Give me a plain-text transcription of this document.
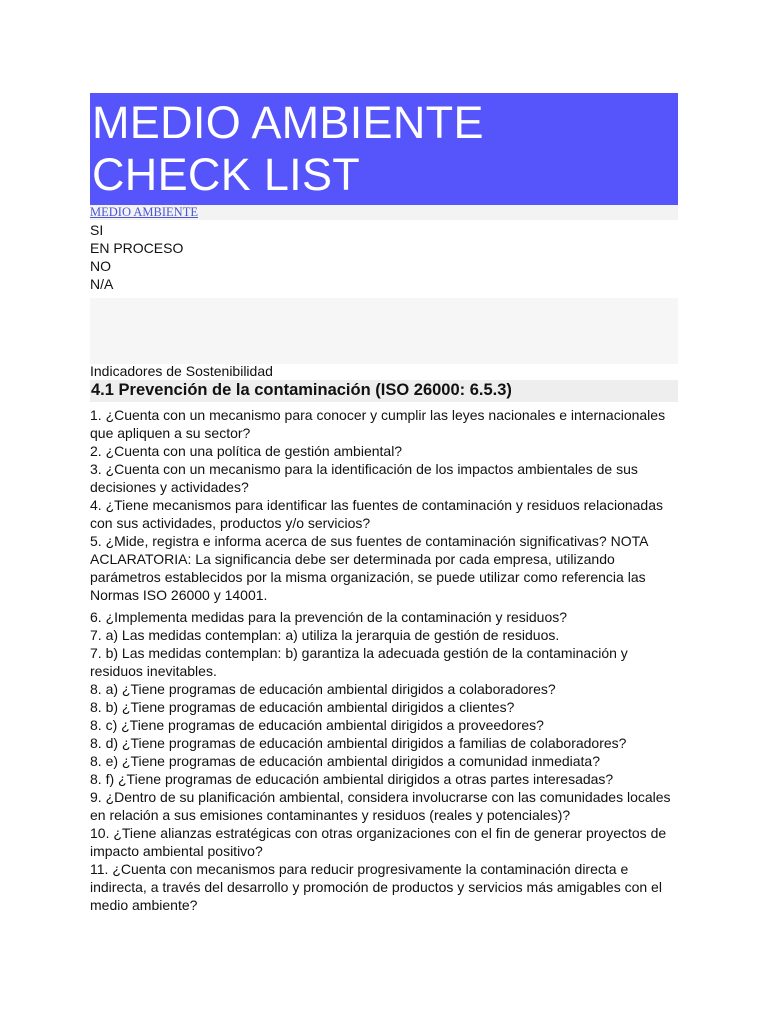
MEDIO AMBIENTE
CHECK LIST
MEDIO AMBIENTE
SI
EN PROCESO
NO
N/A
Indicadores de Sostenibilidad
4.1 Prevención de la contaminación (ISO 26000: 6.5.3)

1. ¿Cuenta con un mecanismo para conocer y cumplir las leyes nacionales e internacionales que apliquen a su sector?

2. ¿Cuenta con una política de gestión ambiental?

3. ¿Cuenta con un mecanismo para la identificación de los impactos ambientales de sus decisiones y actividades?

4. ¿Tiene mecanismos para identificar las fuentes de contaminación y residuos relacionadas con sus actividades, productos y/o servicios?

5. ¿Mide, registra e informa acerca de sus fuentes de contaminación significativas? NOTA ACLARATORIA: La significancia debe ser determinada por cada empresa, utilizando parámetros establecidos por la misma organización, se puede utilizar como referencia las Normas ISO 26000 y 14001.

6. ¿Implementa medidas para la prevención de la contaminación y residuos?

7. a) Las medidas contemplan: a) utiliza la jerarquia de gestión de residuos.

7. b) Las medidas contemplan: b) garantiza la adecuada gestión de la contaminación y residuos inevitables.

8. a) ¿Tiene programas de educación ambiental dirigidos a colaboradores?

8. b) ¿Tiene programas de educación ambiental dirigidos a clientes?

8. c) ¿Tiene programas de educación ambiental dirigidos a proveedores?

8. d) ¿Tiene programas de educación ambiental dirigidos a familias de colaboradores?

8. e) ¿Tiene programas de educación ambiental dirigidos a comunidad inmediata?

8. f) ¿Tiene programas de educación ambiental dirigidos a otras partes interesadas?

9. ¿Dentro de su planificación ambiental, considera involucrarse con las comunidades locales en relación a sus emisiones contaminantes y residuos (reales y potenciales)?

10. ¿Tiene alianzas estratégicas con otras organizaciones con el fin de generar proyectos de impacto ambiental positivo?

11. ¿Cuenta con mecanismos para reducir progresivamente la contaminación directa e indirecta, a través del desarrollo y promoción de productos y servicios más amigables con el medio ambiente?
